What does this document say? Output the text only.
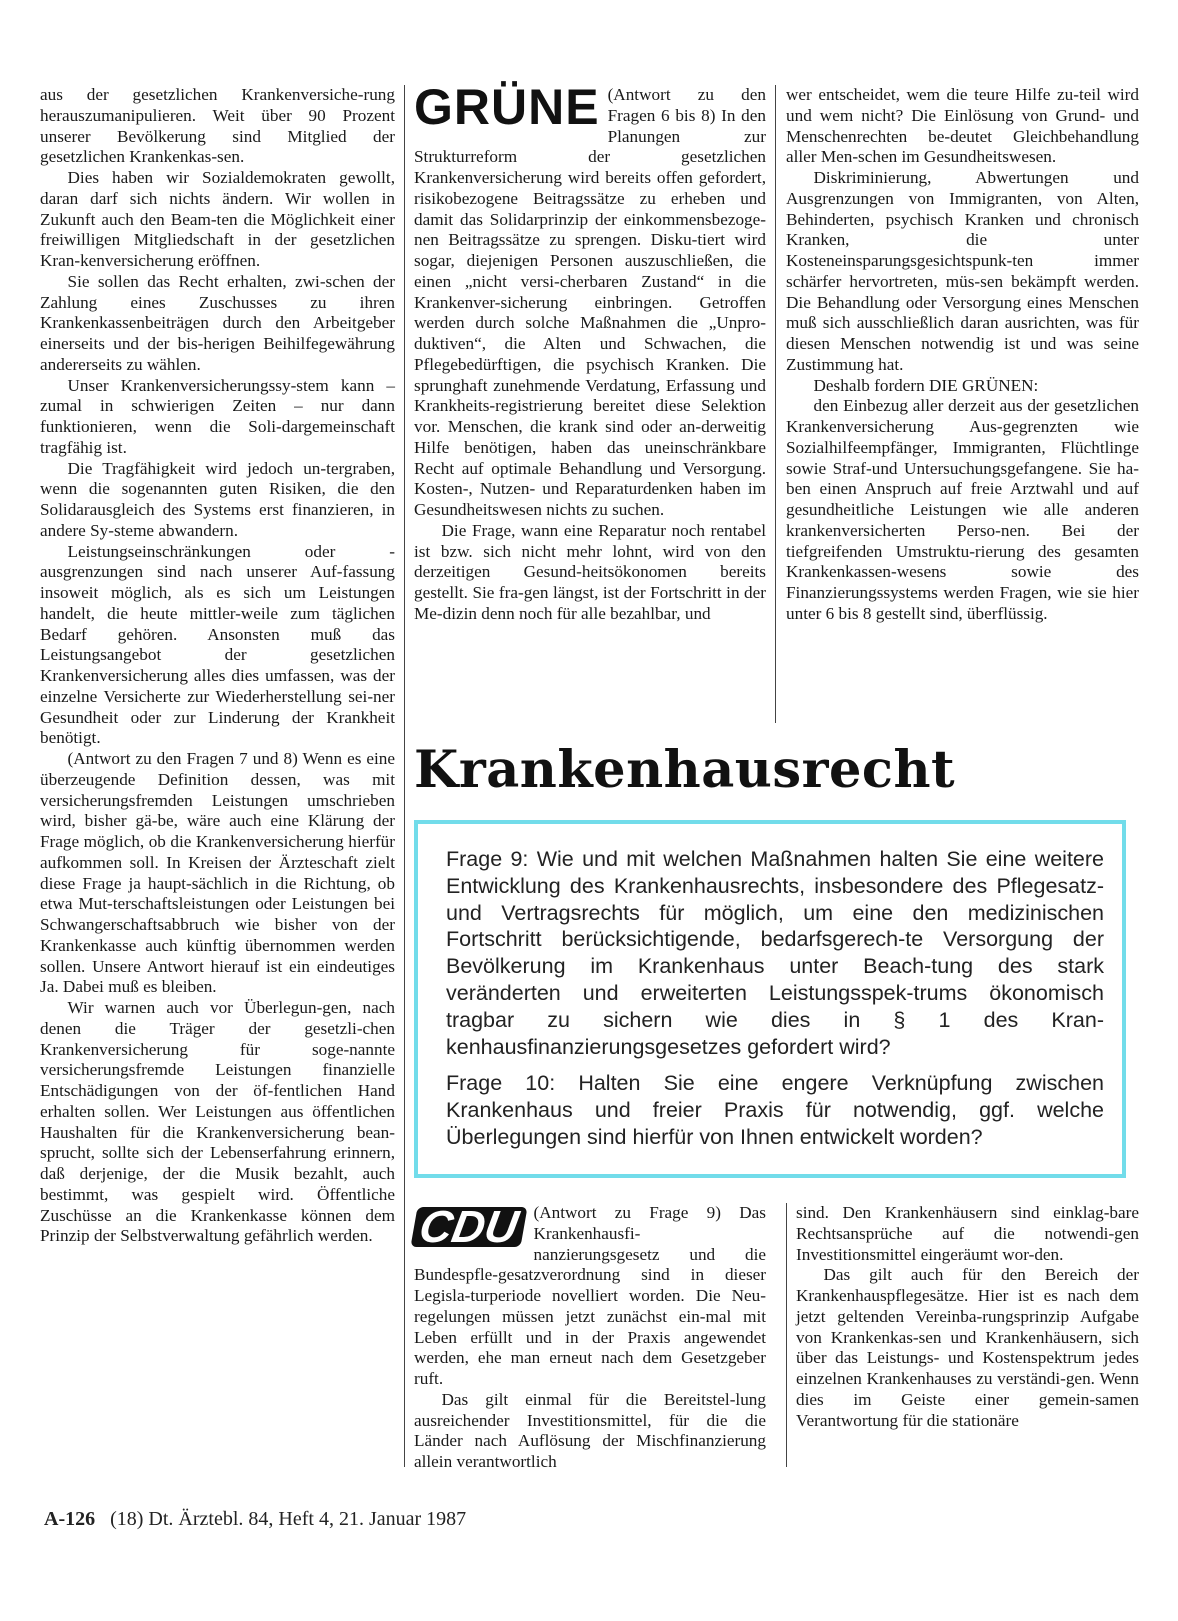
aus der gesetzlichen Krankenversiche-rung herauszumanipulieren. Weit über 90 Prozent unserer Bevölkerung sind Mitglied der gesetzlichen Krankenkas-sen.

Dies haben wir Sozialdemokraten gewollt, daran darf sich nichts ändern. Wir wollen in Zukunft auch den Beam-ten die Möglichkeit einer freiwilligen Mitgliedschaft in der gesetzlichen Kran-kenversicherung eröffnen.

Sie sollen das Recht erhalten, zwi-schen der Zahlung eines Zuschusses zu ihren Krankenkassenbeiträgen durch den Arbeitgeber einerseits und der bis-herigen Beihilfegewährung andererseits zu wählen.

Unser Krankenversicherungssy-stem kann – zumal in schwierigen Zeiten – nur dann funktionieren, wenn die Soli-dargemeinschaft tragfähig ist.

Die Tragfähigkeit wird jedoch un-tergraben, wenn die sogenannten guten Risiken, die den Solidarausgleich des Systems erst finanzieren, in andere Sy-steme abwandern.

Leistungseinschränkungen oder -ausgrenzungen sind nach unserer Auf-fassung insoweit möglich, als es sich um Leistungen handelt, die heute mittler-weile zum täglichen Bedarf gehören. Ansonsten muß das Leistungsangebot der gesetzlichen Krankenversicherung alles dies umfassen, was der einzelne Versicherte zur Wiederherstellung sei-ner Gesundheit oder zur Linderung der Krankheit benötigt.

(Antwort zu den Fragen 7 und 8) Wenn es eine überzeugende Definition dessen, was mit versicherungsfremden Leistungen umschrieben wird, bisher gä-be, wäre auch eine Klärung der Frage möglich, ob die Krankenversicherung hierfür aufkommen soll. In Kreisen der Ärzteschaft zielt diese Frage ja haupt-sächlich in die Richtung, ob etwa Mut-terschaftsleistungen oder Leistungen bei Schwangerschaftsabbruch wie bisher von der Krankenkasse auch künftig übernommen werden sollen. Unsere Antwort hierauf ist ein eindeutiges Ja. Dabei muß es bleiben.

Wir warnen auch vor Überlegun-gen, nach denen die Träger der gesetzli-chen Krankenversicherung für soge-nannte versicherungsfremde Leistungen finanzielle Entschädigungen von der öf-fentlichen Hand erhalten sollen. Wer Leistungen aus öffentlichen Haushalten für die Krankenversicherung bean-sprucht, sollte sich der Lebenserfahrung erinnern, daß derjenige, der die Musik bezahlt, auch bestimmt, was gespielt wird. Öffentliche Zuschüsse an die Krankenkasse können dem Prinzip der Selbstverwaltung gefährlich werden.

GRÜNE (Antwort zu den Fragen 6 bis 8) In den Planungen zur Strukturreform der gesetzlichen Krankenversicherung wird bereits offen gefordert, risikobezogene Beitragssätze zu erheben und damit das Solidarprinzip der einkommensbezoge-nen Beitragssätze zu sprengen. Disku-tiert wird sogar, diejenigen Personen auszuschließen, die einen „nicht versi-cherbaren Zustand“ in die Krankenver-sicherung einbringen. Getroffen werden durch solche Maßnahmen die „Unpro-duktiven“, die Alten und Schwachen, die Pflegebedürftigen, die psychisch Kranken. Die sprunghaft zunehmende Verdatung, Erfassung und Krankheits-registrierung bereitet diese Selektion vor. Menschen, die krank sind oder an-derweitig Hilfe benötigen, haben das uneinschränkbare Recht auf optimale Behandlung und Versorgung. Kosten-, Nutzen- und Reparaturdenken haben im Gesundheitswesen nichts zu suchen.

Die Frage, wann eine Reparatur noch rentabel ist bzw. sich nicht mehr lohnt, wird von den derzeitigen Gesund-heitsökonomen bereits gestellt. Sie fra-gen längst, ist der Fortschritt in der Me-dizin denn noch für alle bezahlbar, und

wer entscheidet, wem die teure Hilfe zu-teil wird und wem nicht? Die Einlösung von Grund- und Menschenrechten be-deutet Gleichbehandlung aller Men-schen im Gesundheitswesen.

Diskriminierung, Abwertungen und Ausgrenzungen von Immigranten, von Alten, Behinderten, psychisch Kranken und chronisch Kranken, die unter Kosteneinsparungsgesichtspunk-ten immer schärfer hervortreten, müs-sen bekämpft werden. Die Behandlung oder Versorgung eines Menschen muß sich ausschließlich daran ausrichten, was für diesen Menschen notwendig ist und was seine Zustimmung hat.

Deshalb fordern DIE GRÜNEN:

den Einbezug aller derzeit aus der gesetzlichen Krankenversicherung Aus-gegrenzten wie Sozialhilfeempfänger, Immigranten, Flüchtlinge sowie Straf-und Untersuchungsgefangene. Sie ha-ben einen Anspruch auf freie Arztwahl und auf gesundheitliche Leistungen wie alle anderen krankenversicherten Perso-nen. Bei der tiefgreifenden Umstruktu-rierung des gesamten Krankenkassen-wesens sowie des Finanzierungssystems werden Fragen, wie sie hier unter 6 bis 8 gestellt sind, überflüssig.

Krankenhausrecht

Frage 9: Wie und mit welchen Maßnahmen halten Sie eine weitere Entwicklung des Krankenhausrechts, insbesondere des Pflegesatz- und Vertragsrechts für möglich, um eine den medizinischen Fortschritt berücksichtigende, bedarfsgerech-te Versorgung der Bevölkerung im Krankenhaus unter Beach-tung des stark veränderten und erweiterten Leistungsspek-trums ökonomisch tragbar zu sichern wie dies in § 1 des Kran-kenhausfinanzierungsgesetzes gefordert wird?

Frage 10: Halten Sie eine engere Verknüpfung zwischen Krankenhaus und freier Praxis für notwendig, ggf. welche Überlegungen sind hierfür von Ihnen entwickelt worden?

CDU (Antwort zu Frage 9) Das Krankenhausfi-nanzierungsgesetz und die Bundespfle-gesatzverordnung sind in dieser Legisla-turperiode novelliert worden. Die Neu-regelungen müssen jetzt zunächst ein-mal mit Leben erfüllt und in der Praxis angewendet werden, ehe man erneut nach dem Gesetzgeber ruft.

Das gilt einmal für die Bereitstel-lung ausreichender Investitionsmittel, für die die Länder nach Auflösung der Mischfinanzierung allein verantwortlich

sind. Den Krankenhäusern sind einklag-bare Rechtsansprüche auf die notwendi-gen Investitionsmittel eingeräumt wor-den.

Das gilt auch für den Bereich der Krankenhauspflegesätze. Hier ist es nach dem jetzt geltenden Vereinba-rungsprinzip Aufgabe von Krankenkas-sen und Krankenhäusern, sich über das Leistungs- und Kostenspektrum jedes einzelnen Krankenhauses zu verständi-gen. Wenn dies im Geiste einer gemein-samen Verantwortung für die stationäre

A-126 (18) Dt. Ärztebl. 84, Heft 4, 21. Januar 1987
